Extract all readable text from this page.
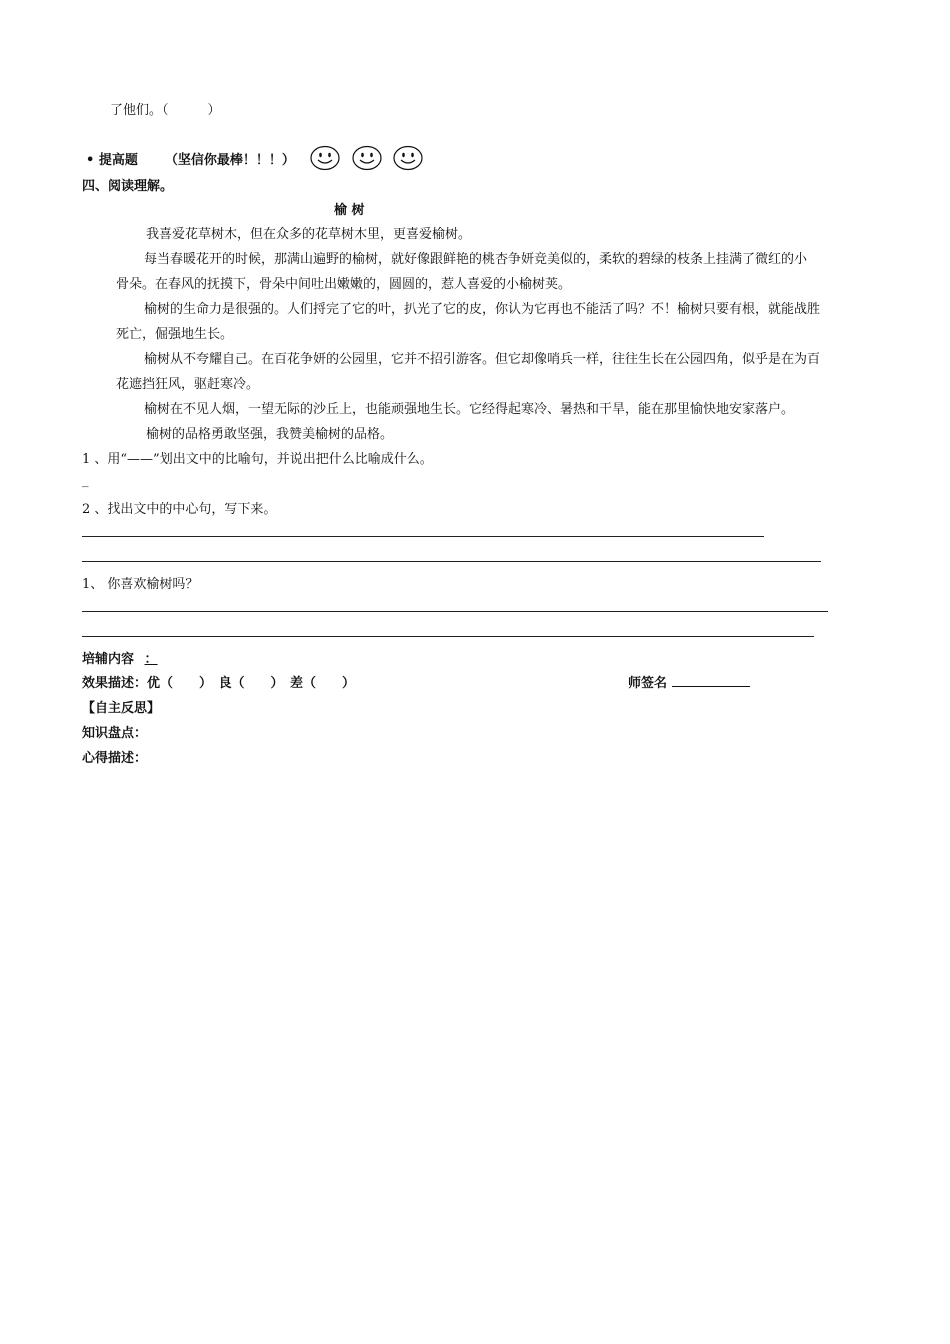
了他们。（　　　）
• 提高题 （坚信你最棒！！！）
四、阅读理解。
榆 树
我喜爱花草树木，但在众多的花草树木里，更喜爱榆树。
每当春暖花开的时候，那满山遍野的榆树，就好像跟鲜艳的桃杏争妍竞美似的，柔软的碧绿的枝条上挂满了微红的小
骨朵。在春风的抚摸下，骨朵中间吐出嫩嫩的，圆圆的，惹人喜爱的小榆树荚。
榆树的生命力是很强的。人们捋完了它的叶，扒光了它的皮，你认为它再也不能活了吗？不！榆树只要有根，就能战胜
死亡，倔强地生长。
榆树从不夸耀自己。在百花争妍的公园里，它并不招引游客。但它却像哨兵一样，往往生长在公园四角，似乎是在为百
花遮挡狂风，驱赶寒冷。
榆树在不见人烟，一望无际的沙丘上，也能顽强地生长。它经得起寒冷、暑热和干旱，能在那里愉快地安家落户。
榆树的品格勇敢坚强，我赞美榆树的品格。
1 、用“——”划出文中的比喻句，并说出把什么比喻成什么。
_
2 、找出文中的中心句，写下来。
1、 你喜欢榆树吗？
培辅内容 ：
效果描述：优（　　）　良（　　）　差（　　）	师签名
【自主反思】
知识盘点：
心得描述：
